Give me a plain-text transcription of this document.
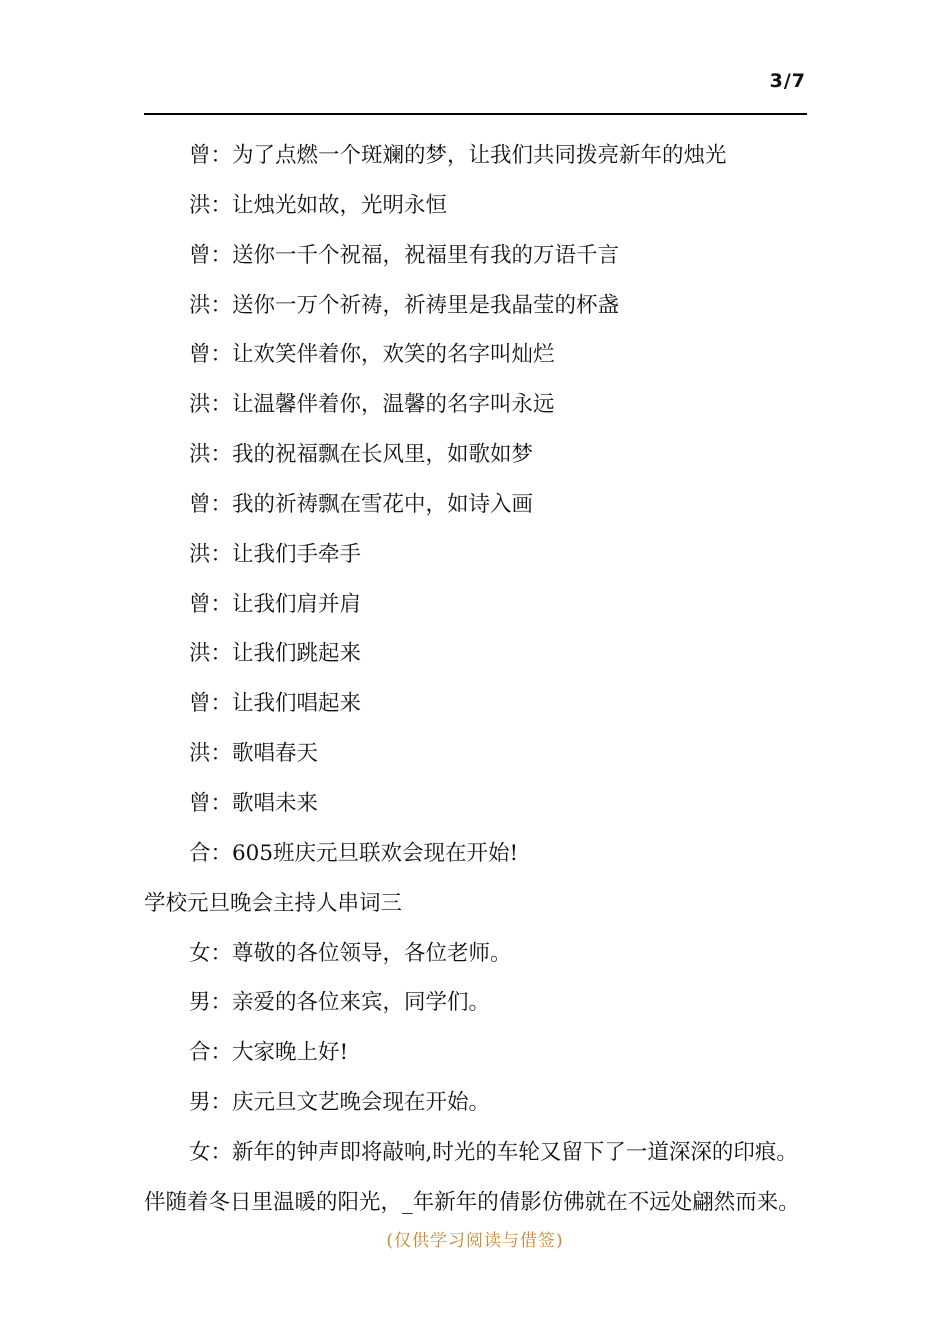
3/7
曾：为了点燃一个斑斓的梦，让我们共同拨亮新年的烛光
洪：让烛光如故，光明永恒
曾：送你一千个祝福，祝福里有我的万语千言
洪：送你一万个祈祷，祈祷里是我晶莹的杯盏
曾：让欢笑伴着你，欢笑的名字叫灿烂
洪：让温馨伴着你，温馨的名字叫永远
洪：我的祝福飘在长风里，如歌如梦
曾：我的祈祷飘在雪花中，如诗入画
洪：让我们手牵手
曾：让我们肩并肩
洪：让我们跳起来
曾：让我们唱起来
洪：歌唱春天
曾：歌唱未来
合：605班庆元旦联欢会现在开始!
学校元旦晚会主持人串词三
女：尊敬的各位领导，各位老师。
男：亲爱的各位来宾，同学们。
合：大家晚上好!
男：庆元旦文艺晚会现在开始。
女：新年的钟声即将敲响,时光的车轮又留下了一道深深的印痕。
伴随着冬日里温暖的阳光，_年新年的倩影仿佛就在不远处翩然而来。
(仅供学习阅读与借签)
